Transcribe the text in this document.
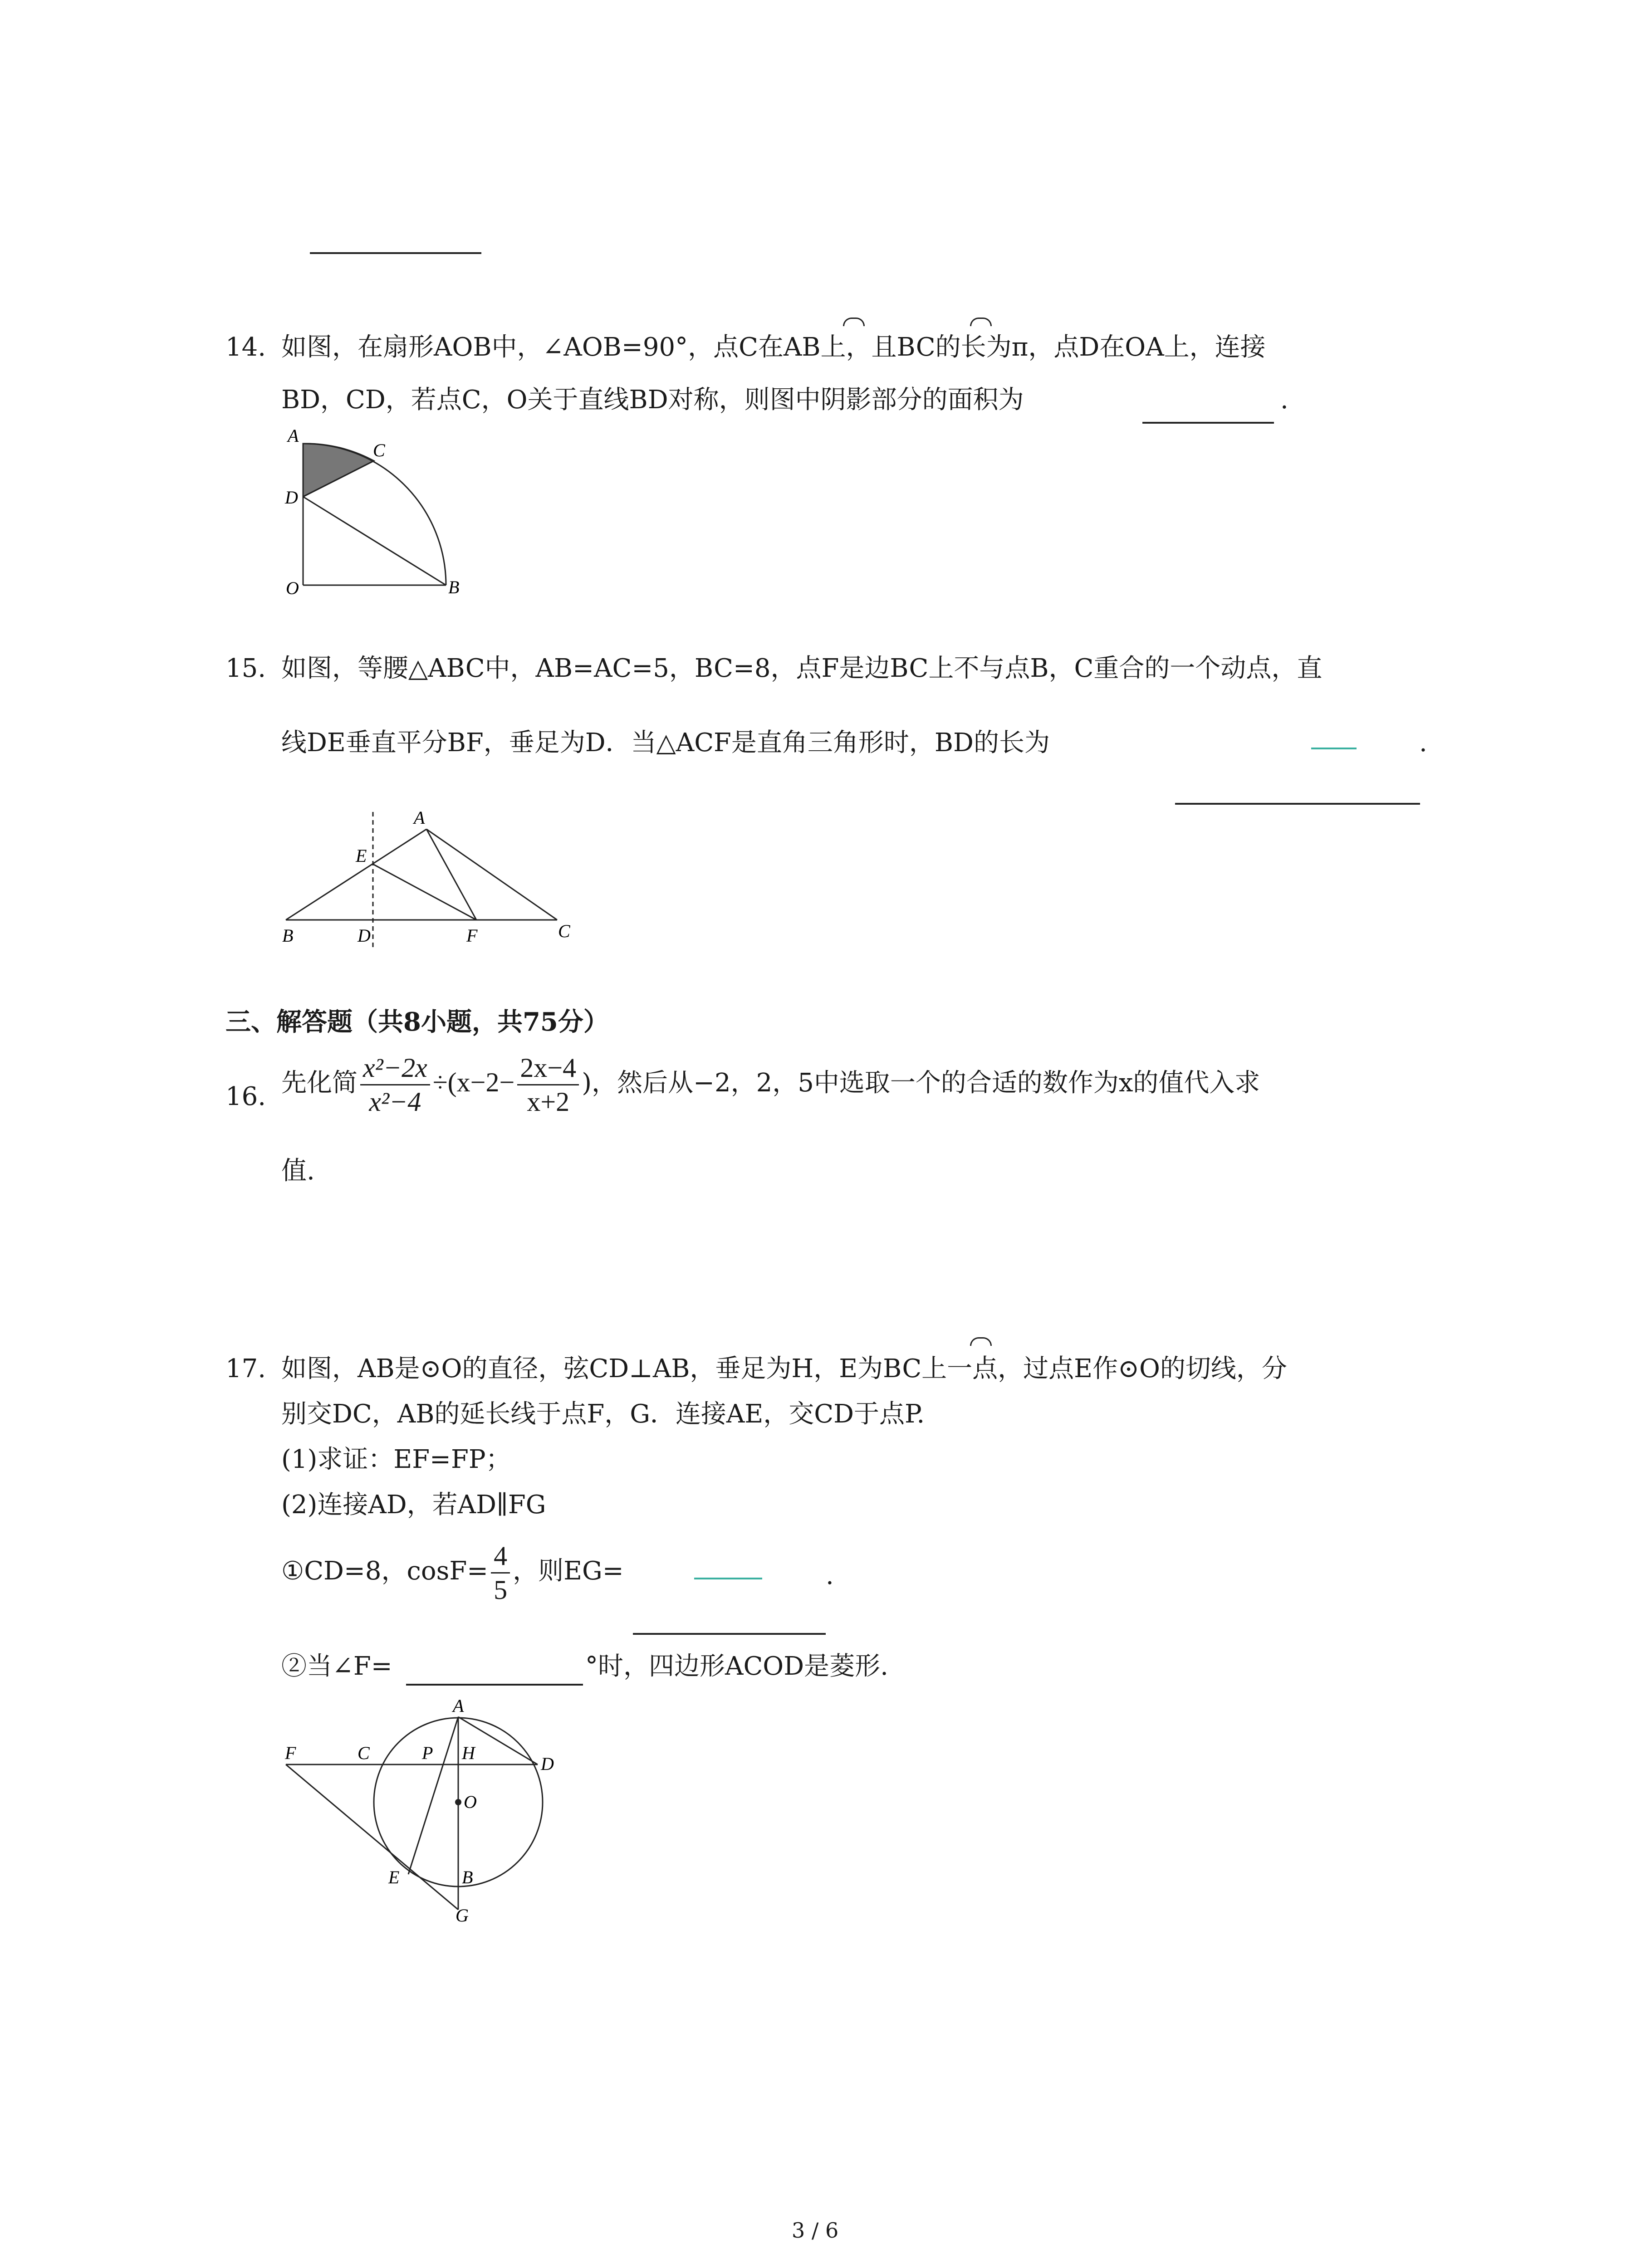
14. 如图，在扇形AOB中，∠AOB=90°，点C在AB上，且BC的长为π，点D在OA上，连接
BD，CD，若点C，O关于直线BD对称，则图中阴影部分的面积为	.
A
C
D
O	B
15. 如图，等腰△ABC中，AB=AC=5，BC=8，点F是边BC上不与点B，C重合的一个动点，直
线DE垂直平分BF，垂足为D．当△ACF是直角三角形时，BD的长为	.
A
E
B	D	F	C
三、解答题（共8小题，共75分）
16. 先化简 $\frac{\text{x²−2x}}{\text{x²−4}} \div(x-2- \frac{2x-4}{x+2}$ )，然后从−2，2，5中选取一个的合适的数作为x的值代入求
值.
17. 如图，AB是⊙O的直径，弦CD⊥AB，垂足为H，E为BC上一点，过点E作⊙O的切线，分
别交DC，AB的延长线于点F，G．连接AE，交CD于点P.
(1)求证：EF=FP；
(2)连接AD，若AD∥FG
①CD=8，$\cos F= \frac{4}{5}$ ，则EG=	.
②当∠F=	°时，四边形ACOD是菱形.
A
F	C	P H
D
O
E	B
G
3 / 6
